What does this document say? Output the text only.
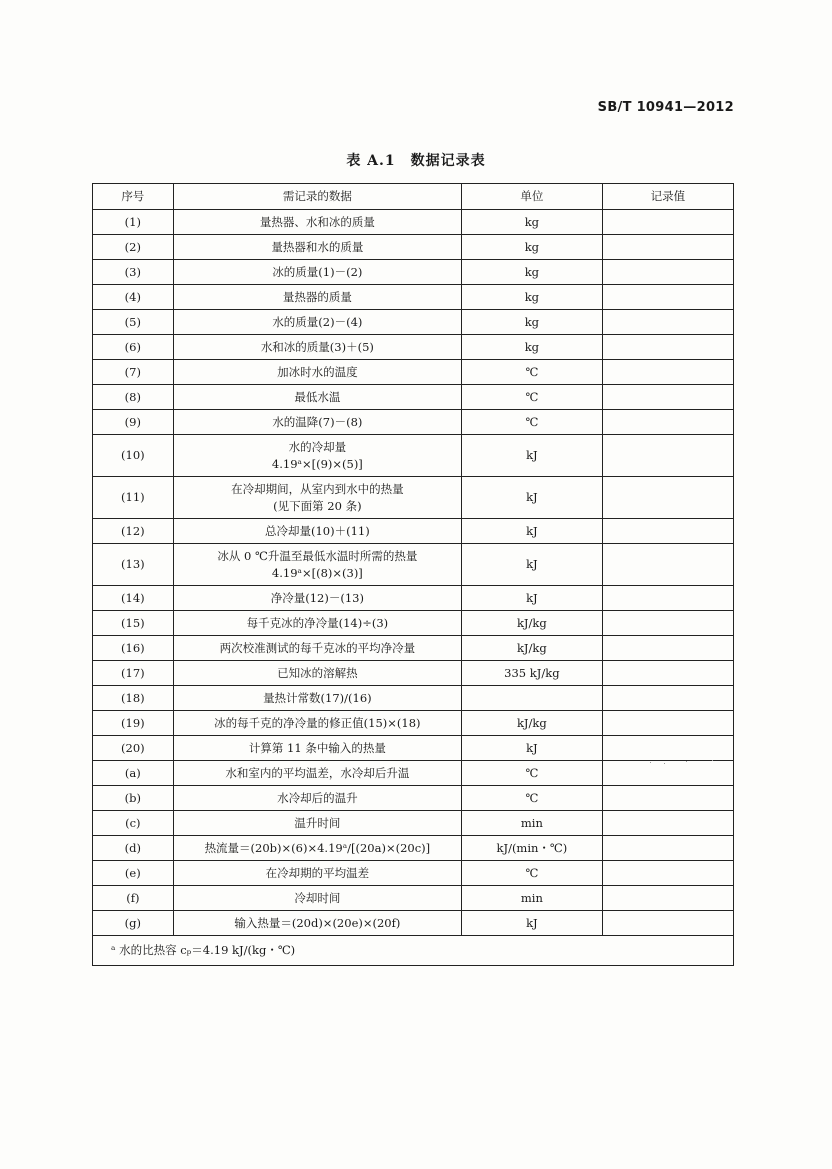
SB/T 10941—2012
表 A.1　数据记录表
序号	需记录的数据	单位	记录值
(1)	量热器、水和冰的质量	kg	
(2)	量热器和水的质量	kg	
(3)	冰的质量(1)－(2)	kg	
(4)	量热器的质量	kg	
(5)	水的质量(2)－(4)	kg	
(6)	水和冰的质量(3)＋(5)	kg	
(7)	加冰时水的温度	℃	
(8)	最低水温	℃	
(9)	水的温降(7)－(8)	℃	
(10)	水的冷却量
4.19ᵃ×[(9)×(5)]	kJ	
(11)	在冷却期间，从室内到水中的热量
(见下面第 20 条)	kJ	
(12)	总冷却量(10)＋(11)	kJ	
(13)	冰从 0 ℃升温至最低水温时所需的热量
4.19ᵃ×[(8)×(3)]	kJ	
(14)	净冷量(12)－(13)	kJ	
(15)	每千克冰的净冷量(14)÷(3)	kJ/kg	
(16)	两次校准测试的每千克冰的平均净冷量	kJ/kg	
(17)	已知冰的溶解热	335 kJ/kg	
(18)	量热计常数(17)/(16)		

(19)	冰的每千克的净冷量的修正值(15)×(18)	kJ/kg	
(20)	计算第 11 条中输入的热量	kJ	
(a)	水和室内的平均温差，水冷却后升温	℃	
(b)	水冷却后的温升	℃	
(c)	温升时间	min	
(d)	热流量＝(20b)×(6)×4.19ᵃ/[(20a)×(20c)]	kJ/(min・℃)	
(e)	在冷却期的平均温差	℃	
(f)	冷却时间	min	
(g)	输入热量＝(20d)×(20e)×(20f)	kJ	
ᵃ 水的比热容 cₚ＝4.19 kJ/(kg・℃)			
